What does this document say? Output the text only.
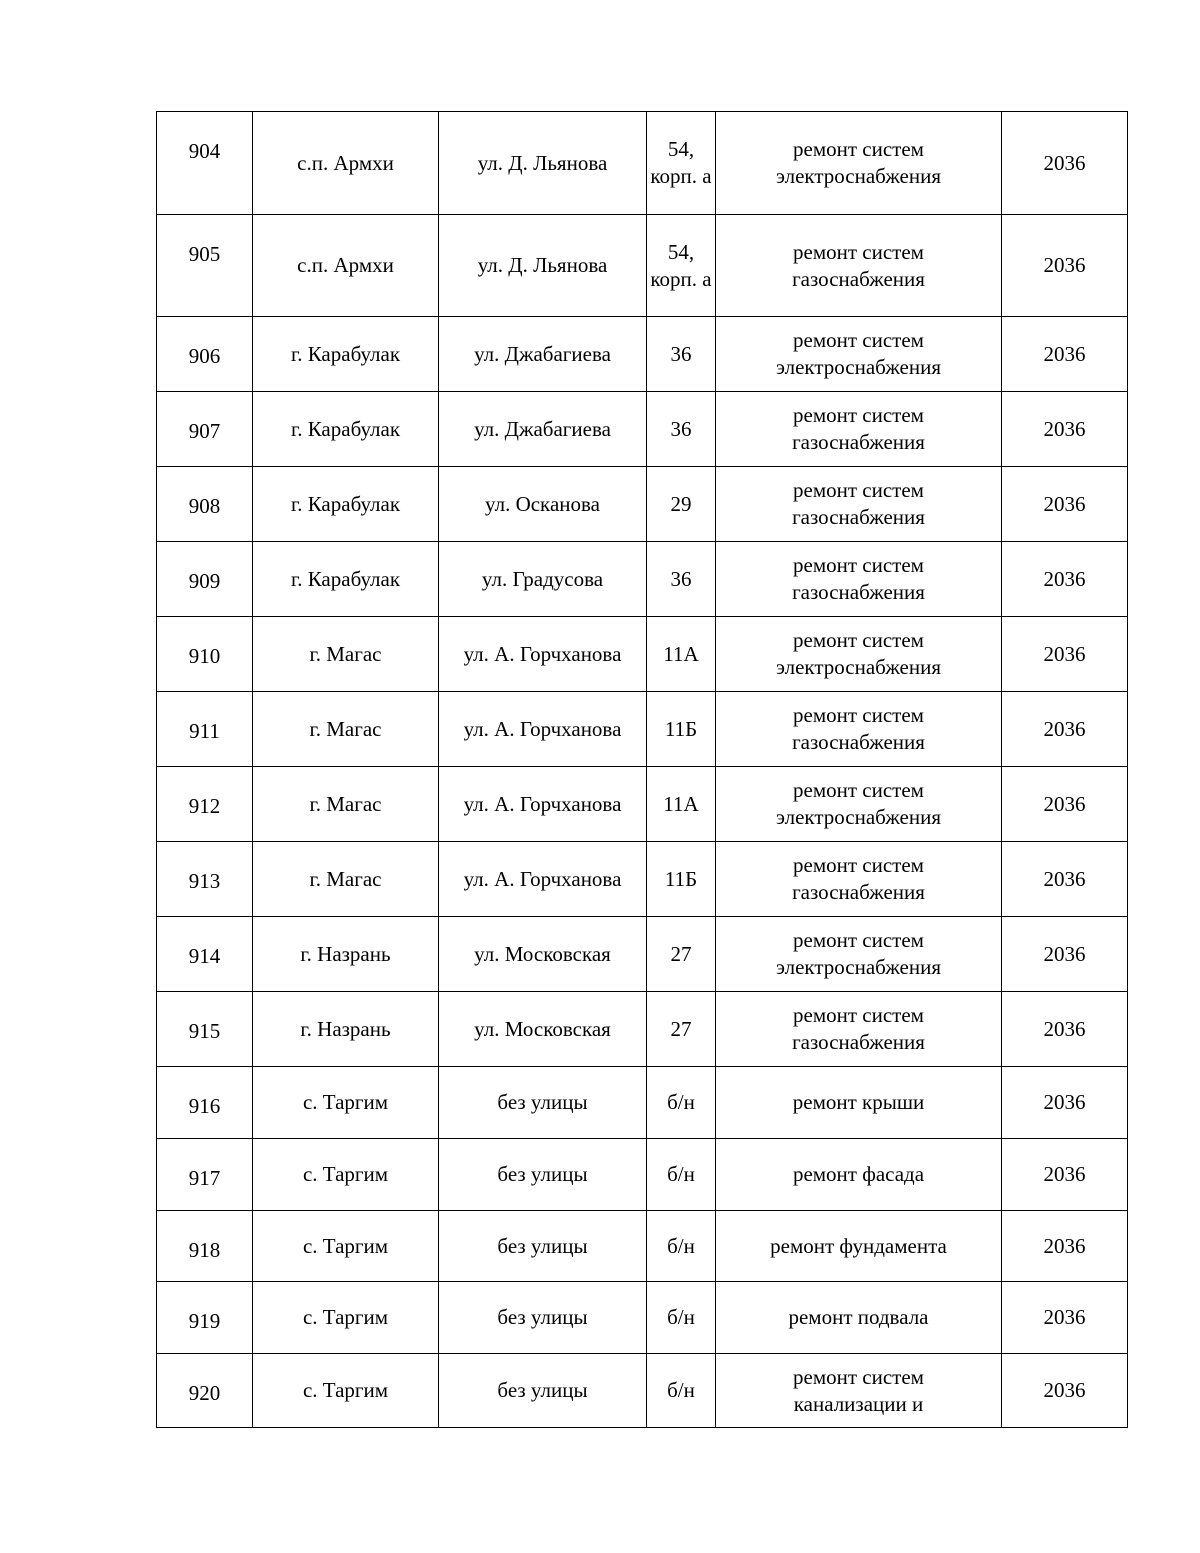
904	с.п. Армхи	ул. Д. Льянова	54, корп. а	ремонт систем
электроснабжения	2036
905	с.п. Армхи	ул. Д. Льянова	54, корп. а	ремонт систем
газоснабжения	2036
906	г. Карабулак	ул. Джабагиева	36	ремонт систем
электроснабжения	2036
907	г. Карабулак	ул. Джабагиева	36	ремонт систем
газоснабжения	2036
908	г. Карабулак	ул. Осканова	29	ремонт систем
газоснабжения	2036
909	г. Карабулак	ул. Градусова	36	ремонт систем
газоснабжения	2036
910	г. Магас	ул. А. Горчханова	11А	ремонт систем
электроснабжения	2036
911	г. Магас	ул. А. Горчханова	11Б	ремонт систем
газоснабжения	2036
912	г. Магас	ул. А. Горчханова	11А	ремонт систем
электроснабжения	2036
913	г. Магас	ул. А. Горчханова	11Б	ремонт систем
газоснабжения	2036
914	г. Назрань	ул. Московская	27	ремонт систем
электроснабжения	2036
915	г. Назрань	ул. Московская	27	ремонт систем
газоснабжения	2036
916	с. Таргим	без улицы	б/н	ремонт крыши	2036
917	с. Таргим	без улицы	б/н	ремонт фасада	2036
918	с. Таргим	без улицы	б/н	ремонт фундамента	2036
919	с. Таргим	без улицы	б/н	ремонт подвала	2036
920	с. Таргим	без улицы	б/н	ремонт систем
канализации и	2036
